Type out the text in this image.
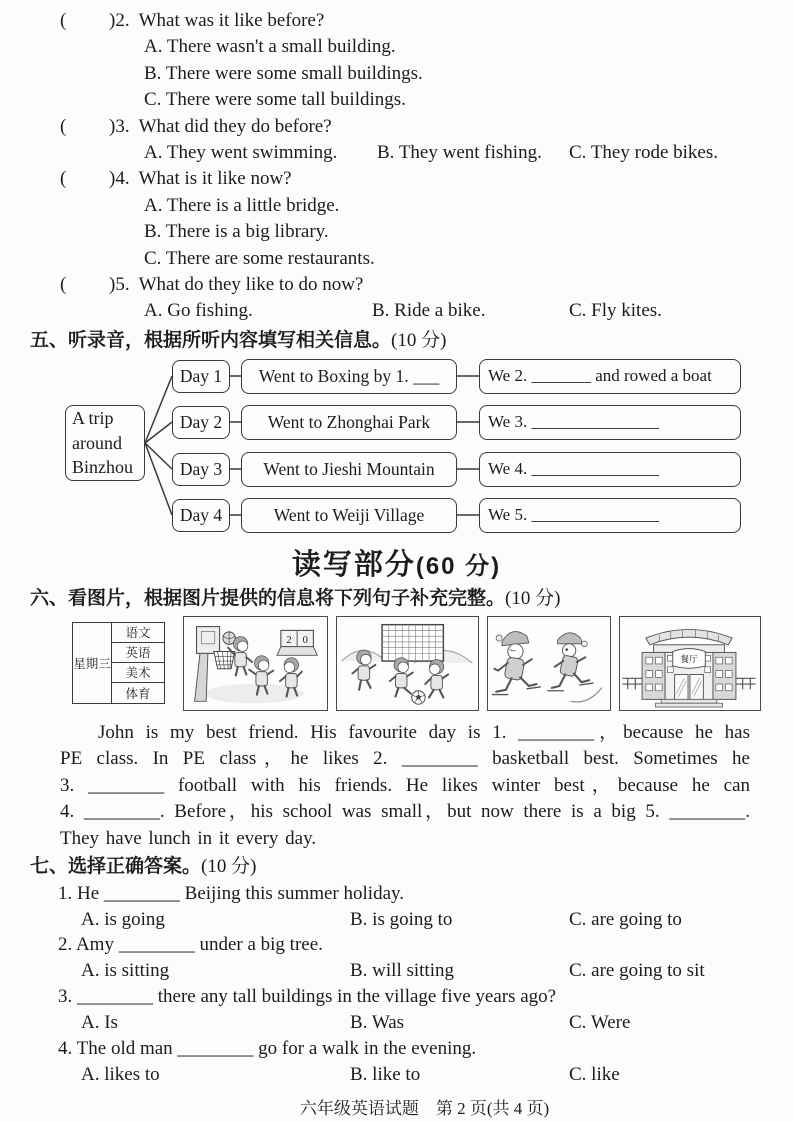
( )2. What was it like before?
A. There wasn't a small building.
B. There were some small buildings.
C. There were some tall buildings.
( )3. What did they do before?
A. They went swimming. B. They went fishing. C. They rode bikes.
( )4. What is it like now?
A. There is a little bridge.
B. There is a big library.
C. There are some restaurants.
( )5. What do they like to do now?
A. Go fishing.	B. Ride a bike.	C. Fly kites.
五、听录音，根据所听内容填写相关信息。(10 分)
A trip around Binzhou
Day 1	Went to Boxing by 1. ___	We 2. _______ and rowed a boat
Day 2	Went to Zhonghai Park	We 3. _______________
Day 3	Went to Jieshi Mountain	We 4. _______________
Day 4	Went to Weiji Village	We 5. _______________
读写部分(60 分)
六、看图片，根据图片提供的信息将下列句子补充完整。(10 分)
星期三
语文
英语
美术
体育
2 0
餐厅
John is my best friend. His favourite day is 1. ________，because he has
PE class. In PE class，he likes 2. ________ basketball best. Sometimes he
3. ________ football with his friends. He likes winter best，because he can
4. ________. Before，his school was small，but now there is a big 5. ________.
They have lunch in it every day.
七、选择正确答案。(10 分)
1. He ________ Beijing this summer holiday.
A. is going	B. is going to	C. are going to
2. Amy ________ under a big tree.
A. is sitting	B. will sitting	C. are going to sit
3. ________ there any tall buildings in the village five years ago?
A. Is	B. Was	C. Were
4. The old man ________ go for a walk in the evening.
A. likes to	B. like to	C. like
六年级英语试题　第 2 页(共 4 页)
